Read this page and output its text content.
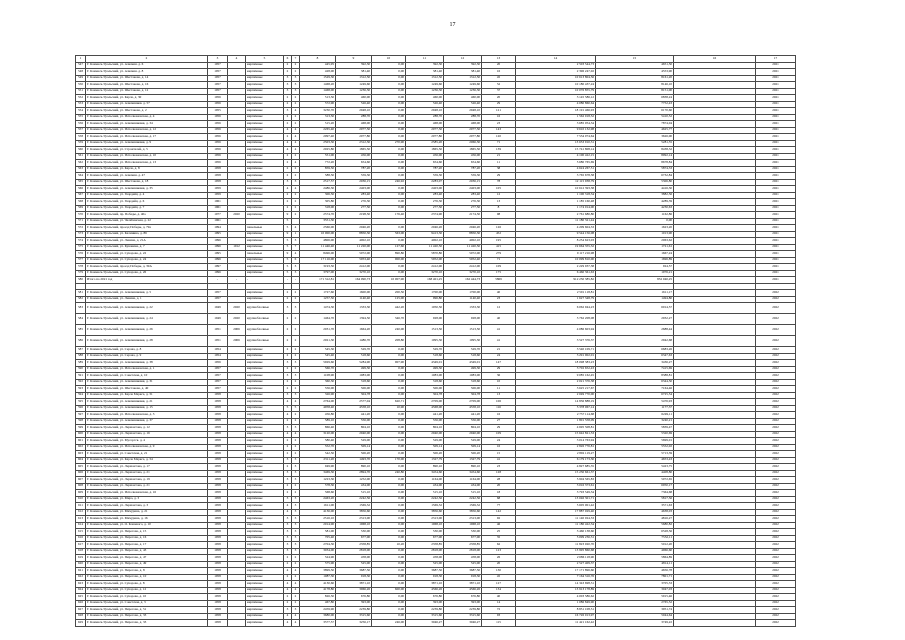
17
1	2	3	4	5	6	7	8	9	10	11	12	13	14	15	16	17
547	Г. Каменск-Уральский, ул. Алюмин. д. 6	1957		кирпичные	2	2	445,95	392,30	0,00	392,30	392,30	20	2 503 544,73	4651,50		2021
548	Г. Каменск-Уральский, ул. Алюмин. д. 8	1957		кирпичные	2	2	428,00	381,40	0,00	381,40	381,40	16	2 396 247,02	4553,90		2021
549	Г. Каменск-Уральский, ул. Шестакова, д. 14	1957		кирпичные	3	3	1529,30	1312,50	0,00	1312,50	1312,50	45	10 613 804,56	8161,20		2021
550	Г. Каменск-Уральский, ул. Шестакова, д. 16	1957		кирпичные	3	3	1468,20	1249,60	0,00	1249,60	1249,60	52	10 180 437,24	8146,10		2021
551	Г. Каменск-Уральский, ул. Шестакова, д. 12	1957		кирпичные	3	3	1468,00	1236,30	0,00	1236,30	1236,30	37	10 076 855,79	8151,00		2021
552	Г. Каменск-Уральский, ул. Карла, д. 30	1956		кирпичные	2	2	513,50	460,00	0,00	460,00	460,00	20	3 145 586,12	6838,24		2021
553	Г. Каменск-Уральский, ул. Алюминиев. д. 57	1956		кирпичные	2	2	572,90	526,40	0,00	526,40	526,40	29	4 080 860,64	7752,43		2021
554	Г. Каменск-Уральский, ул. Шестакова, д. 2	1955		кирпичные	3	4	3230,70	2948,10	0,00	2948,10	2948,10	121	18 191 466,93	6170,60		2021
555	Г. Каменск-Уральский, ул. Исполкомовская, д. 4	1956		кирпичные	2	2	313,50	288,70	0,00	288,70	288,70	16	1 562 018,52	5410,52		2021
556	Г. Каменск-Уральский, ул. Алюминиевая, д. 34	1956		кирпичные	2	2	515,20	468,00	0,00	468,00	468,00	23	3 685 054,34	7874,04		2021
557	Г. Каменск-Уральский, ул. Исполкомовская, д. 12	1956		кирпичные	4	4	2265,40	2077,50	0,00	2077,50	2077,50	143	9 610 132,98	4625,77		2021
558	Г. Каменск-Уральский, ул. Исполкомовская, д. 17	1956		кирпичные	2	4	2097,40	2077,80	0,00	2077,80	2077,80	120	7 534 074,64	3626,00		2021
559	Г. Каменск-Уральский, ул. Алюминиевая, д. 9	1956		кирпичные	4	4	2503,30	2312,30	270,90	2585,20	2066,30	71	13 653 910,31	5281,55		2021
560	Г. Каменск-Уральский, ул. Строителей, д. 5	1956		кирпичные	4	4	2025,80	1865,50	0,00	1865,50	1865,50	139	15 741 808,14	8438,32		2021
561	Г. Каменск-Уральский, ул. Исполкомовская, д. 10	1956		кирпичные	2	2	551,00	456,00	0,00	456,00	456,00	21	4 100 422,15	8992,14		2021
562	Г. Каменск-Уральский, ул. Исполкомовская, д. 13	1956		кирпичные	2	4	772,20	654,60	0,00	654,60	654,60	11	5 680 765,69	8678,84		2021
563	Г. Каменск-Уральский, ул. Карла, д. 8	1958		кирпичные	2	2	859,50	787,20	0,00	787,20	787,20	38	4 624 267,51	5874,33		2021
564	Г. Каменск-Уральский, ул. Алюмин. д. 47	1958		кирпичные	2	2	588,50	559,30	0,00	559,30	559,30	29	3 765 678,58	6732,84		2021
565	Г. Каменск-Уральский, ул. Шестакова, д. 18	1958		кирпичные	3	3	2517,57	2036,15	246,92	2283,07	2036,15	78	12 115 938,79	5306,80		2021
566	Г. Каменск-Уральский, ул. Алюминиевая, д. 35	1959		кирпичные	4	4	2486,30	2403,00	0,00	2403,00	2403,00	105	10 612 393,38	4416,30		2021
567	Г. Каменск-Уральский, ул. Гвардейц. д. 4	1959		кирпичные	2	2	306,50	283,40	0,00	283,40	283,40	12	1 100 318,34	3882,56		2021
568	Г. Каменск-Уральский, ул. Гвардейц. д. 6	1961		кирпичные	2	2	305,80	276,30	0,00	276,30	276,30	13	1 185 160,48	4289,39		2021
569	Г. Каменск-Уральский, ул. Гвардейц. д. 7	1961		кирпичные	2	2	318,00	277,50	0,00	277,50	277,50	8	1 174 014,00	4230,63		2021
570	Г. Каменск-Уральский, пр. Победы, д. 40а	1977	2020	кирпичные	9	2	2574,70	2198,50	176,40	2374,90	2174,50	98	2 761 680,80	1162,86		2021
571	Г. Каменск-Уральский, ул. Челябинская, д. 22	1961			5		3551,30						11 180 321,44	0,00		2021
572	Г. Каменск-Уральский, проезд Победы, д. 79а	1994		панельные	5	4	2566,00	2046,20	0,00	2046,20	2046,20	126	4 209 604,33	1623,20		2021
573	Г. Каменск-Уральский, ул. Калинина, д. 86	1995		кирпичные	9	1	10 000,00	8850,30	563,00	9413,30	8850,30	452	9 544 156,08	1013,90		2021
574	Г. Каменск-Уральский, ул. Ленина, д. 21А	1996		кирпичные	5	3	4806,00	4002,10	0,00	4002,10	4002,10	195	8 254 623,03	2063,62		2021
575	Г. Каменск-Уральский, ул. Кунавина, д. 7	1996	1912	кирпичные	5	7	11 446,40	11 220,00	127,60	11 420,50	11 420,50	415	19 664 355,32	1721,61		2021
576	Г. Каменск-Уральский, ул. Суворова, д. 22	1995		панельные	9	4	8496,00	5072,00	890,80	5870,80	5072,00	279	9 117 216,98	1667,24		2021
577	Г. Каменск-Уральский, ул. Суворова, д. 24	1996		кирпичные	5	6	17 116,00	5053,40	900,00	5952,00	5052,40	71	10 099 810,00	1696,89		2021
578	Г. Каменск-Уральский, проезд Победы, д. 39А	1997		кирпичные	5	3	3193,50	2412,00	0,00	2412,00	2412,00	109	2 229 937,38	924,57		2021
579	Г. Каменск-Уральский, ул. Суворова, д. 26	1996		кирпичные	5	3	3797,00	3270,10	0,00	3270,10	3270,10	175	6 460 361,63	1976,21		2021
580	Итого по 2021 год	-	-	-	-	-	171 312,81	164 090,73	10 007,90	168 401,25	162 444,73	5869	912 250 385,82	832 040,25		2021

581	Г. Каменск-Уральский, ул. Алюминиевая, д. 5	1957		кирпичные	2	2	1727,60	1600,00	200,50	1700,00	1700,00	40	2 591 118,81	1611,17		2022
582	Г. Каменск-Уральский, ул. Ленина, д. 1	1957		кирпичные	2	2	1257,50	1140,40	125,00	996,80	1140,40	23	1 627 348,79	1494,80		2022
583	Г. Каменск-Уральский, ул. Алюминиевая, д. 22	1949	2020	крупноблочные	3	3	1474,30	1333,30	442,20	1050,50	1333,30	12	6 062 944,23	6014,57		2022
584	Г. Каменск-Уральский, ул. Алюминиевая, д. 24	1949	2020	крупноблочные	2	2	1464,70	1394,50	346,70	928,00	928,00	40	3 762 208,08	2932,27		2022
585	Г. Каменск-Уральский, ул. Алюминиевая, д. 26	1951	2006	крупноблочные	2	2	2031,70	1664,20	240,00	1513,50	1513,50	41	4 086 603,94	2688,44		2022
586	Г. Каменск-Уральский, ул. Алюминиевая, д. 28	1951	2006	крупноблочные	2	2	2021,30	1486,70	208,80	1095,30	1095,30	41	3 527 376,37	2942,68		2022
587	Г. Каменск-Уральский, ул. Серова, д. 8	1954		кирпичные	2	2	545,30	529,70	0,00	529,70	529,70	21	3 540 109,71	6683,26		2022
588	Г. Каменск-Уральский, ул. Серова, д. 9	1954		кирпичные	2	2	545,40	518,60	0,00	518,60	518,60	24	3 291 902,01	6347,63		2022
589	Г. Каменск-Уральский, ул. Алюминиевая, д. 38	1956		кирпичные	3	3	5929,60	5284,90	907,90	4349,01	4349,01	147	18 098 383,23	3436,27		2022
590	Г. Каменск-Уральский, ул. Исполкомовская, д. 1	1957		кирпичные	2	2	566,70	499,30	0,00	499,30	499,30	29	3 702 652,43	7415,69		2022
591	Г. Каменск-Уральский, ул. Советская, д. 10	1957		кирпичные	3	3	1108,90	1083,00	0,00	1083,00	1083,00	36	9 085 162,45	8388,81		2022
592	Г. Каменск-Уральский, ул. Алюминиевая, д. 31	1957		кирпичные	2	2	360,30	318,60	0,00	318,60	318,60	10	2 021 376,38	6344,50		2022
593	Г. Каменск-Уральский, ул. Шестакова, д. 40	1957		кирпичные	2	2	556,00	506,00	0,00	506,00	506,00	11	3 625 217,67	7164,46		2022
594	Г. Каменск-Уральский, ул. Карла Маркса, д. 31	1958		кирпичные	3	3	326,90	304,78	0,00	304,78	304,78	13	2 049 770,00	6725,54		2022
595	Г. Каменск-Уральский, ул. Алюминиевая, д. 21	1958		кирпичные	4	4	2764,00	2577,04	620,71	2709,00	2709,00	106	14 836 888,19	5476,93		2022
596	Г. Каменск-Уральский, ул. Алюминиевая, д. 15	1958		кирпичные	5	5	4958,40	4558,10	10,90	4568,00	4558,10	116	5 378 067,14	1177,37		2022
597	Г. Каменск-Уральский, ул. Исполкомовская, д. 3	1958		кирпичные	4	2	456,80	441,20	0,00	441,20	441,20	16	2 757 114,68	6249,11		2022
598	Г. Каменск-Уральский, ул. Алюминиевая, д. 37	1958		кирпичные	2	2	589,10	556,00	0,00	556,00	556,00	27	1 801 558,09	3240,21		2022
599	Г. Каменск-Уральский, ул. Лермонтова, д. 12	1958		кирпичные	3	3	866,40	804,10	0,00	804,10	804,10	29	4 695 508,81	5839,47		2022
600	Г. Каменск-Уральский, ул. Лермонтова, д. 16	1958		кирпичные	4	4	3120,00	2940,00	0,00	2940,00	2940,00	109	15 642 821,53	5320,69		2022
601	Г. Каменск-Уральский, ул. Мусоргск. д. 4	1958		кирпичные	2	2	580,40	529,00	0,00	529,00	529,00	24	3 014 763,94	5699,01		2022
602	Г. Каменск-Уральский, ул. Исполкомовская, д. 9	1958		кирпичные	2	2	552,70	509,14	0,00	509,14	509,14	16	2 826 776,81	5552,02		2022
603	Г. Каменск-Уральский, ул. Советская, д. 21	1958		кирпичные	2	2	542,50	506,20	0,00	506,20	506,20	15	2 892 119,27	5713,39		2022
604	Г. Каменск-Уральский, ул. Карла Маркса, д. 34	1958		кирпичные	3	3	2311,20	1493,70	170,00	1327,79	1327,79	41	6 179 173,30	4653,43		2022
605	Г. Каменск-Уральский, ул. Лермонтова, д. 17	1958		кирпичные	2	3	949,90	890,10	0,00	890,10	890,10	23	4 827 685,35	5423,75		2022
606	Г. Каменск-Уральский, ул. Лермонтова, д. 21	1958		кирпичные	3	3	3469,30	2894,70	240,80	3454,60	3454,60	128	15 230 661,37	4408,80		2022
607	Г. Каменск-Уральский, ул. Лермонтова, д. 19	1958		кирпичные	3	3	1223,30	1252,00	0,00	1164,00	1164,00	28	5 904 565,83	5072,65		2022
608	Г. Каменск-Уральский, ул. Лермонтова, д. 21	1958		кирпичные	2	2	578,30	434,00	0,00	434,00	434,00	20	3 016 373,61	6950,17		2022
609	Г. Каменск-Уральский, ул. Исполкомовская, д. 16	1958		кирпичные	2	2	568,60	515,10	0,00	515,10	515,10	18	3 793 549,34	7364,68		2022
610	Г. Каменск-Уральский, ул. Мира, д. 3	1958		кирпичные	3	3	2463,20	2242,56	0,00	2242,56	2242,56	68	13 046 301,71	5817,56		2022
611	Г. Каменск-Уральский, ул. Лермонтова, д. 3	1958		кирпичные	4	3	1611,00	1569,32	0,00	1569,32	1569,32	77	5 605 001,42	3571,63		2022
612	Г. Каменск-Уральский, ул. Мичурина, д. 21	1958		кирпичные	4	3	4136,00	3856,60	0,00	3856,60	3856,60	142	17 887 029,40	4638,03		2022
613	Г. Каменск-Уральский, ул. Мичурина, д. 16	1958		кирпичные	3	3	2516,10	2313,00	0,00	2313,00	2313,00	92	11 140 024,33	4816,27		2022
614	Г. Каменск-Уральский, ул. О. Кошевого, д. 10	1958		кирпичные	3	3	2014,90	1968,10	0,00	1968,10	1968,10	46	11 180 422,34	5680,82		2022
615	Г. Каменск-Уральский, ул. Пирогова, д. 15	1958		кирпичные	3	3	581,00	530,00	0,00	530,00	530,00	25	3 460 138,60	6528,56		2022
616	Г. Каменск-Уральский, ул. Пирогова, д. 16	1958		кирпичные	3	3	705,40	677,00	0,00	677,00	677,00	35	5 099 236,31	7532,11		2022
617	Г. Каменск-Уральский, ул. Пирогова, д. 17	1958		кирпичные	3	3	2704,30	2358,85	10,20	2358,85	2358,85	62	11 823 020,70	5012,20		2022
618	Г. Каменск-Уральский, ул. Пирогова, д. 43	1958		кирпичные	3	3	3034,00	2818,00	0,00	2818,00	2818,00	123	13 995 860,68	4966,60		2022
619	Г. Каменск-Уральский, ул. Пирогова, д. 47	1958		кирпичные	2	2	524,90	458,00	0,00	458,00	458,00	26	2 686 118,90	5864,89		2022
620	Г. Каменск-Уральский, ул. Пирогова, д. 49	1958		кирпичные	2	2	575,90	525,00	0,00	525,00	525,00	20	2 527 409,37	4814,11		2022
621	Г. Каменск-Уральский, ул. Пирогова, д. 8	1958		кирпичные	4	4	3899,50	3687,50	0,00	3687,50	3687,50	130	17 171 896,60	4656,78		2022
622	Г. Каменск-Уральский, ул. Пирогова, д. 10	1958		кирпичные	2	2	1087,30	918,30	0,00	918,30	918,30	45	7 164 316,76	7801,71		2022
623	Г. Каменск-Уральский, ул. Суворова, д. 8	1958		кирпичные	4	4	4130,60	3871,10	0,00	3871,10	3871,10	127	14 343 698,31	3705,33		2022
624	Г. Каменск-Уральский, ул. Суворова, д. 12	1958		кирпичные	4	4	4178,80	3966,26	600,00	4566,26	4566,26	134	13 913 178,89	3047,03		2022
625	Г. Каменск-Уральский, ул. Суворова, д. 10	1958		кирпичные	2	2	826,50	676,80	0,00	676,80	676,80	40	4 003 586,62	5915,46		2022
626	Г. Каменск-Уральский, ул. Советская, д. 3	1958		кирпичные	2	2	467,80	393,00	0,00	393,00	393,00	14	1 086 849,90	2765,52		2022
627	Г. Каменск-Уральский, ул. Пирогова, д. 51	1958		кирпичные	3	3	2459,90	2239,80	0,00	2239,80	2239,80	72	8 851 108,51	3951,74		2022
628	Г. Каменск-Уральский, ул. Пирогова, д. 33	1958		кирпичные	4	4	3680,00	3315,60	0,00	3315,60	3315,60	93	16 726 013,97	5044,64		2022
629	Г. Каменск-Уральский, ул. Пирогова, д. 33	1958		кирпичные	4	4	3577,57	3256,17	246,00	3046,27	3046,27	115	11 421 162,42	3749,22		2022
